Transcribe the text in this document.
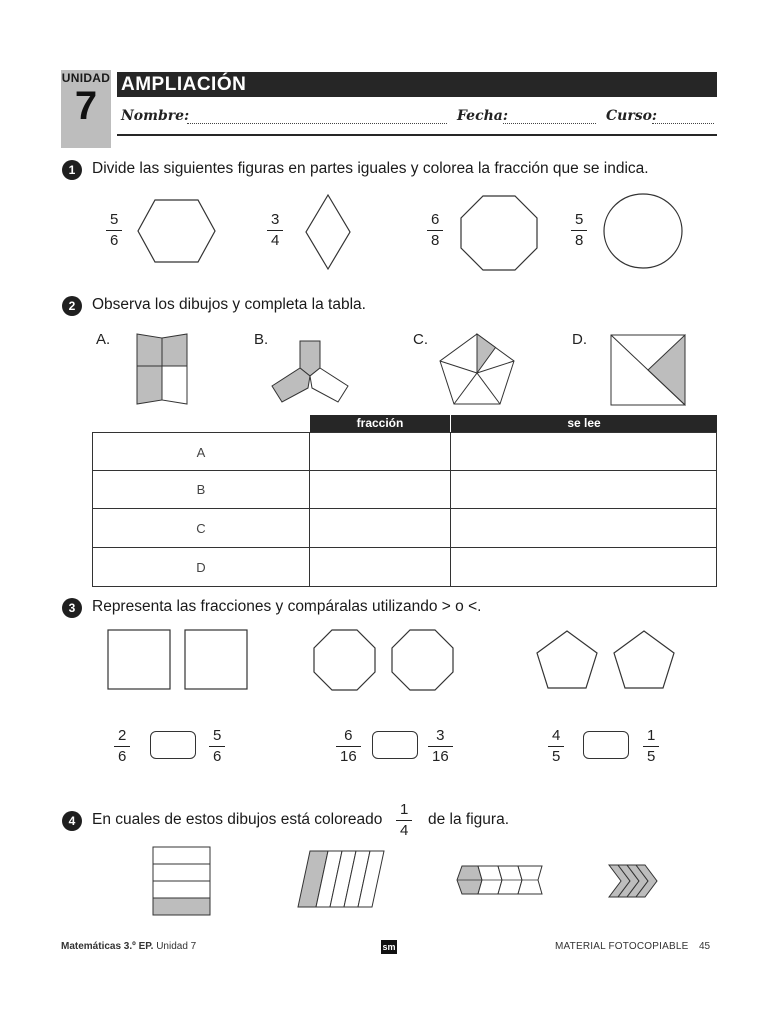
UNIDAD
7	AMPLIACIÓN
Nombre:	Fecha:	Curso:
1	Divide las siguientes figuras en partes iguales y colorea la fracción que se indica.
5
6
3
4
6
8
5
8
2	Observa los dibujos y completa la tabla.
A.	B.	C.	D.
fracción	se lee
A
B
C
D
3	Representa las fracciones y compáralas utilizando > o <.
2
6
5
6
6
16
3
16
4
5
1
5
4	En cuales de estos dibujos está coloreado
1
4
de la figura.
Matemáticas 3.º EP. Unidad 7	sm	MATERIAL FOTOCOPIABLE 45
